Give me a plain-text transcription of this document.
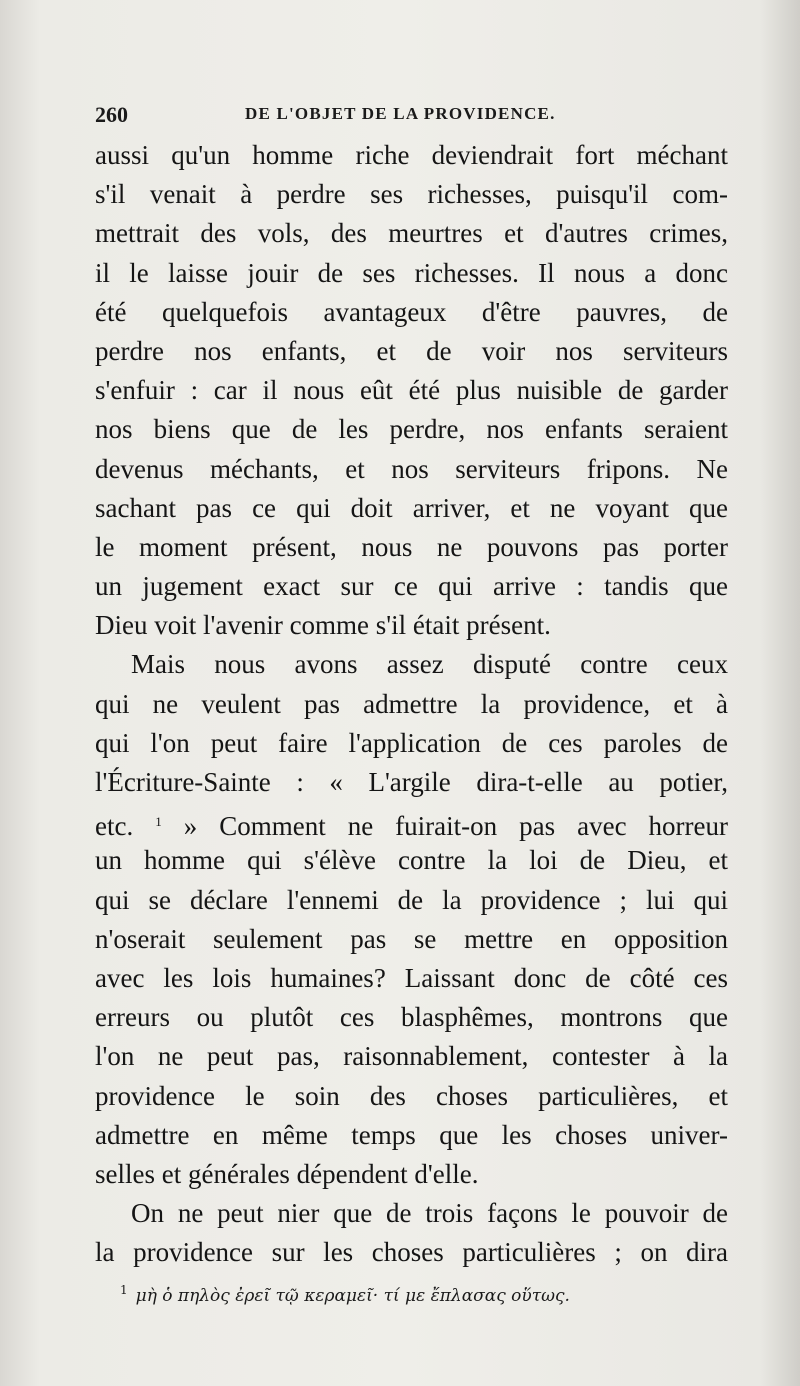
260	DE L'OBJET DE LA PROVIDENCE.
aussi qu'un homme riche deviendrait fort méchant
s'il venait à perdre ses richesses, puisqu'il com-
mettrait des vols, des meurtres et d'autres crimes,
il le laisse jouir de ses richesses. Il nous a donc
été quelquefois avantageux d'être pauvres, de
perdre nos enfants, et de voir nos serviteurs
s'enfuir : car il nous eût été plus nuisible de garder
nos biens que de les perdre, nos enfants seraient
devenus méchants, et nos serviteurs fripons. Ne
sachant pas ce qui doit arriver, et ne voyant que
le moment présent, nous ne pouvons pas porter
un jugement exact sur ce qui arrive : tandis que
Dieu voit l'avenir comme s'il était présent.
Mais nous avons assez disputé contre ceux
qui ne veulent pas admettre la providence, et à
qui l'on peut faire l'application de ces paroles de
l'Écriture-Sainte : « L'argile dira-t-elle au potier,
etc. $^1$ » Comment ne fuirait-on pas avec horreur
un homme qui s'élève contre la loi de Dieu, et
qui se déclare l'ennemi de la providence ; lui qui
n'oserait seulement pas se mettre en opposition
avec les lois humaines? Laissant donc de côté ces
erreurs ou plutôt ces blasphêmes, montrons que
l'on ne peut pas, raisonnablement, contester à la
providence le soin des choses particulières, et
admettre en même temps que les choses univer-
selles et générales dépendent d'elle.
On ne peut nier que de trois façons le pouvoir de
la providence sur les choses particulières ; on dira
$^1$ μὴ ὁ πηλὸς ἐρεῖ τῷ κεραμεῖ· τί με ἔπλασας οὕτως.
